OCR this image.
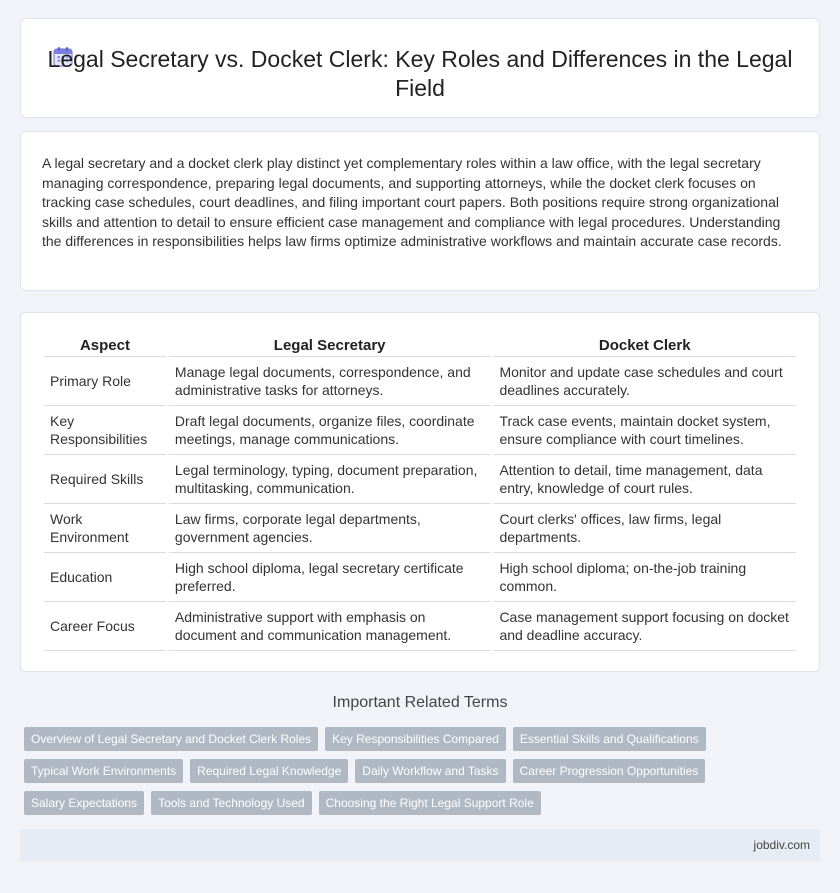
Legal Secretary vs. Docket Clerk: Key Roles and Differences in the Legal Field

A legal secretary and a docket clerk play distinct yet complementary roles within a law office, with the legal secretary managing correspondence, preparing legal documents, and supporting attorneys, while the docket clerk focuses on tracking case schedules, court deadlines, and filing important court papers. Both positions require strong organizational skills and attention to detail to ensure efficient case management and compliance with legal procedures. Understanding the differences in responsibilities helps law firms optimize administrative workflows and maintain accurate case records.

Aspect	Legal Secretary	Docket Clerk
Primary Role	Manage legal documents, correspondence, and administrative tasks for attorneys.	Monitor and update case schedules and court deadlines accurately.
Key Responsibilities	Draft legal documents, organize files, coordinate meetings, manage communications.	Track case events, maintain docket system, ensure compliance with court timelines.
Required Skills	Legal terminology, typing, document preparation, multitasking, communication.	Attention to detail, time management, data entry, knowledge of court rules.
Work Environment	Law firms, corporate legal departments, government agencies.	Court clerks' offices, law firms, legal departments.
Education	High school diploma, legal secretary certificate preferred.	High school diploma; on-the-job training common.
Career Focus	Administrative support with emphasis on document and communication management.	Case management support focusing on docket and deadline accuracy.
Important Related Terms
Overview of Legal Secretary and Docket Clerk Roles	Key Responsibilities Compared	Essential Skills and Qualifications
Typical Work Environments	Required Legal Knowledge	Daily Workflow and Tasks	Career Progression Opportunities
Salary Expectations	Tools and Technology Used	Choosing the Right Legal Support Role
jobdiv.com
